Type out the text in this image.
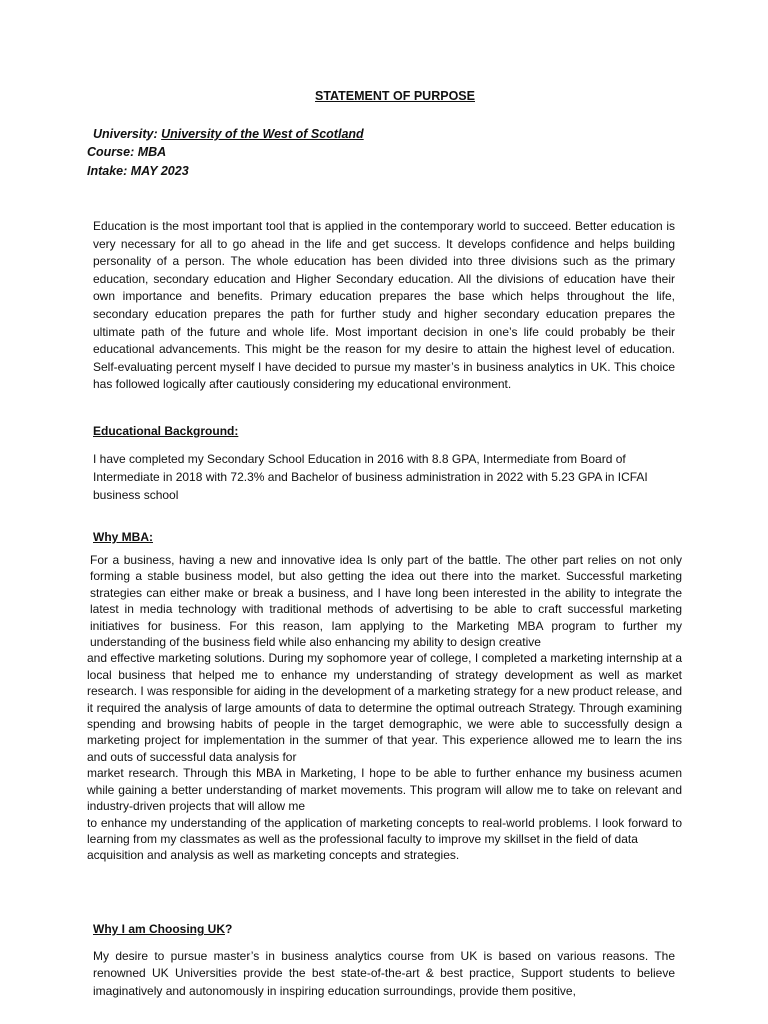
STATEMENT OF PURPOSE
University: University of the West of Scotland
Course: MBA
Intake: MAY 2023

Education is the most important tool that is applied in the contemporary world to succeed. Better education is very necessary for all to go ahead in the life and get success. It develops confidence and helps building personality of a person. The whole education has been divided into three divisions such as the primary education, secondary education and Higher Secondary education. All the divisions of education have their own importance and benefits. Primary education prepares the base which helps throughout the life, secondary education prepares the path for further study and higher secondary education prepares the ultimate path of the future and whole life. Most important decision in one’s life could probably be their educational advancements. This might be the reason for my desire to attain the highest level of education. Self-evaluating percent myself I have decided to pursue my master’s in business analytics in UK. This choice has followed logically after cautiously considering my educational environment.

Educational Background:

I have completed my Secondary School Education in 2016 with 8.8 GPA, Intermediate from Board of Intermediate in 2018 with 72.3% and Bachelor of business administration in 2022 with 5.23 GPA in ICFAI business school

Why MBA:

For a business, having a new and innovative idea Is only part of the battle. The other part relies on not only forming a stable business model, but also getting the idea out there into the market. Successful marketing strategies can either make or break a business, and I have long been interested in the ability to integrate the latest in media technology with traditional methods of advertising to be able to craft successful marketing initiatives for business. For this reason, Iam applying to the Marketing MBA program to further my understanding of the business field while also enhancing my ability to design creative
and effective marketing solutions. During my sophomore year of college, I completed a marketing internship at a local business that helped me to enhance my understanding of strategy development as well as market research. I was responsible for aiding in the development of a marketing strategy for a new product release, and it required the analysis of large amounts of data to determine the optimal outreach Strategy. Through examining spending and browsing habits of people in the target demographic, we were able to successfully design a marketing project for implementation in the summer of that year. This experience allowed me to learn the ins and outs of successful data analysis for
market research. Through this MBA in Marketing, I hope to be able to further enhance my business acumen while gaining a better understanding of market movements. This program will allow me to take on relevant and industry-driven projects that will allow me
to enhance my understanding of the application of marketing concepts to real-world problems. I look forward to learning from my classmates as well as the professional faculty to improve my skillset in the field of data
acquisition and analysis as well as marketing concepts and strategies.

Why I am Choosing UK?

My desire to pursue master’s in business analytics course from UK is based on various reasons. The renowned UK Universities provide the best state-of-the-art & best practice, Support students to believe imaginatively and autonomously in inspiring education surroundings, provide them positive,
